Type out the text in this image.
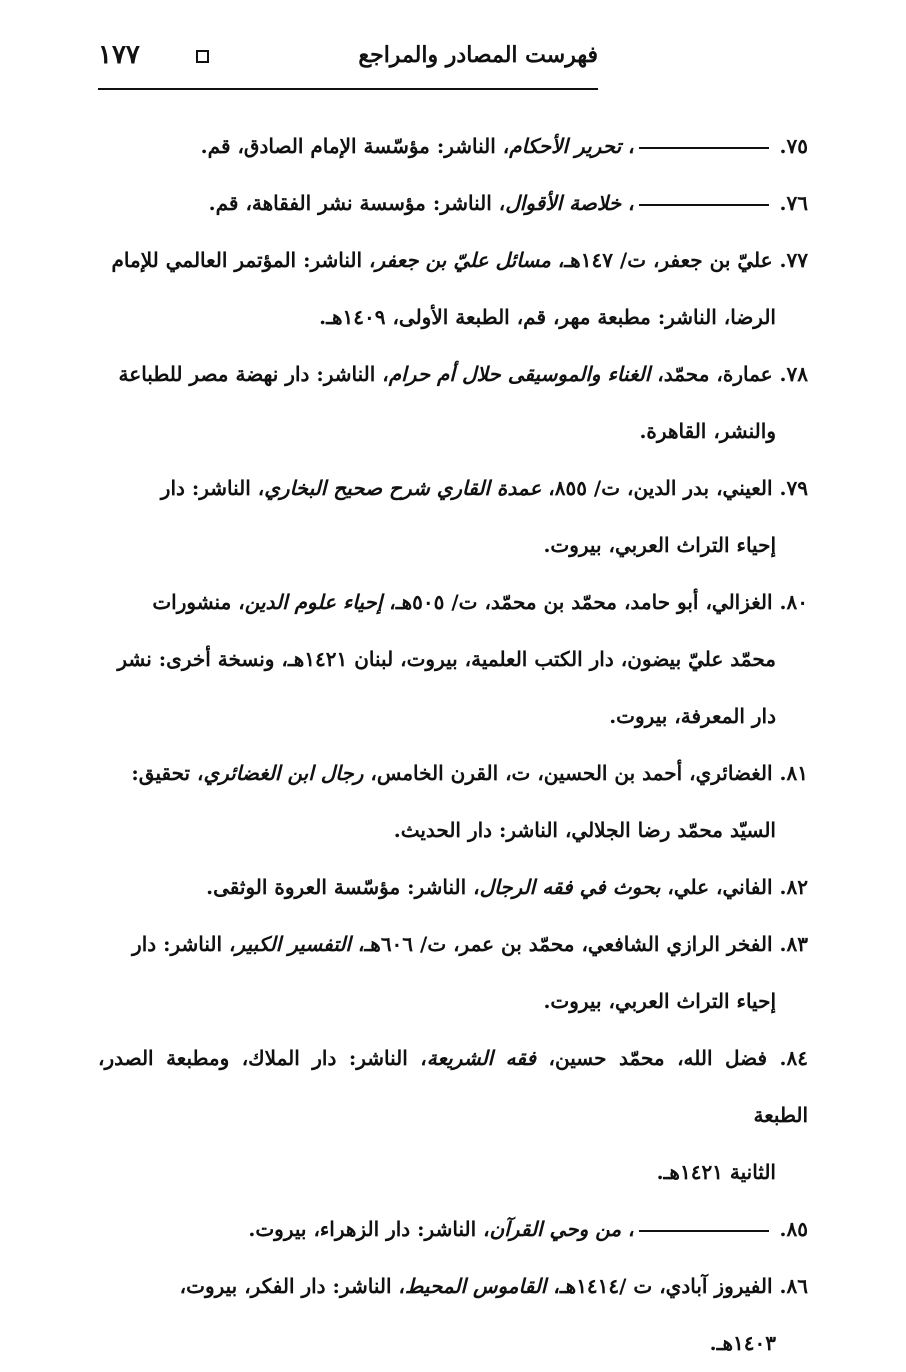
فهرست المصادر والمراجع
١٧٧
٧٥. ، تحرير الأحكام، الناشر: مؤسّسة الإمام الصادق، قم.
٧٦. ، خلاصة الأقوال، الناشر: مؤسسة نشر الفقاهة، قم.
٧٧. عليّ بن جعفر، ت/ ١٤٧هـ، مسائل عليّ بن جعفر، الناشر: المؤتمر العالمي للإمام
الرضا، الناشر: مطبعة مهر، قم، الطبعة الأولى، ١٤٠٩هـ.
٧٨. عمارة، محمّد، الغناء والموسيقى حلال أم حرام، الناشر: دار نهضة مصر للطباعة
والنشر، القاهرة.
٧٩. العيني، بدر الدين، ت/ ٨٥٥، عمدة القاري شرح صحيح البخاري، الناشر: دار
إحياء التراث العربي، بيروت.
٨٠. الغزالي، أبو حامد، محمّد بن محمّد، ت/ ٥٠٥هـ، إحياء علوم الدين، منشورات
محمّد عليّ بيضون، دار الكتب العلمية، بيروت، لبنان ١٤٢١هـ، ونسخة أخرى: نشر
دار المعرفة، بيروت.
٨١. الغضائري، أحمد بن الحسين، ت، القرن الخامس، رجال ابن الغضائري، تحقيق:
السيّد محمّد رضا الجلالي، الناشر: دار الحديث.
٨٢. الفاني، علي، بحوث في فقه الرجال، الناشر: مؤسّسة العروة الوثقى.
٨٣. الفخر الرازي الشافعي، محمّد بن عمر، ت/ ٦٠٦هـ، التفسير الكبير، الناشر: دار
إحياء التراث العربي، بيروت.
٨٤. فضل الله، محمّد حسين، فقه الشريعة، الناشر: دار الملاك، ومطبعة الصدر، الطبعة
الثانية ١٤٢١هـ.
٨٥. ، من وحي القرآن، الناشر: دار الزهراء، بيروت.
٨٦. الفيروز آبادي، ت /١٤١٤هـ، القاموس المحيط، الناشر: دار الفكر، بيروت،
١٤٠٣هـ.
